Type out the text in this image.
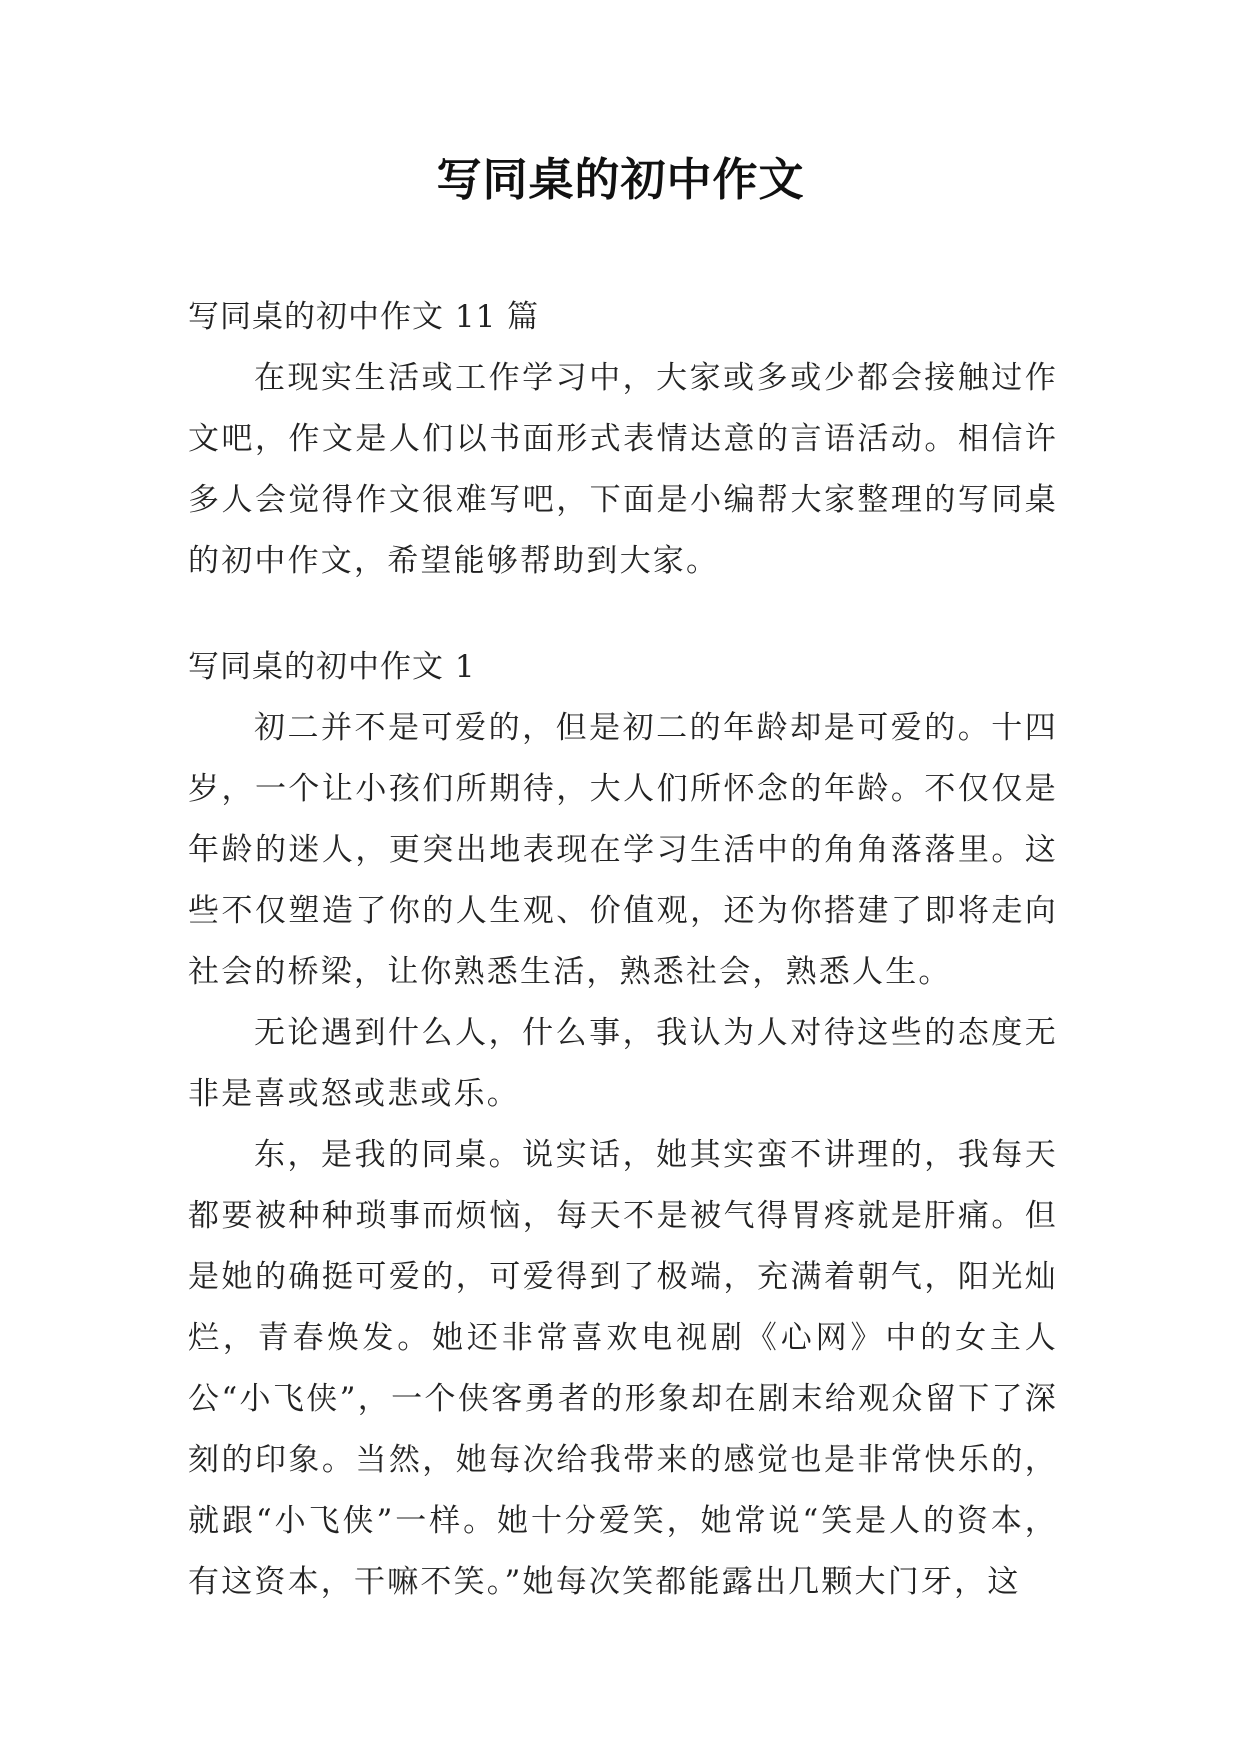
写同桌的初中作文
写同桌的初中作文 11 篇

在现实生活或工作学习中，大家或多或少都会接触过作文吧，作文是人们以书面形式表情达意的言语活动。相信许多人会觉得作文很难写吧，下面是小编帮大家整理的写同桌的初中作文，希望能够帮助到大家。

写同桌的初中作文 1

初二并不是可爱的，但是初二的年龄却是可爱的。十四岁，一个让小孩们所期待，大人们所怀念的年龄。不仅仅是年龄的迷人，更突出地表现在学习生活中的角角落落里。这些不仅塑造了你的人生观、价值观，还为你搭建了即将走向社会的桥梁，让你熟悉生活，熟悉社会，熟悉人生。

无论遇到什么人，什么事，我认为人对待这些的态度无非是喜或怒或悲或乐。

东，是我的同桌。说实话，她其实蛮不讲理的，我每天都要被种种琐事而烦恼，每天不是被气得胃疼就是肝痛。但是她的确挺可爱的，可爱得到了极端，充满着朝气，阳光灿烂，青春焕发。她还非常喜欢电视剧《心网》中的女主人公“小飞侠”，一个侠客勇者的形象却在剧末给观众留下了深刻的印象。当然，她每次给我带来的感觉也是非常快乐的，就跟“小飞侠”一样。她十分爱笑，她常说“笑是人的资本，有这资本，干嘛不笑。”她每次笑都能露出几颗大门牙，这
